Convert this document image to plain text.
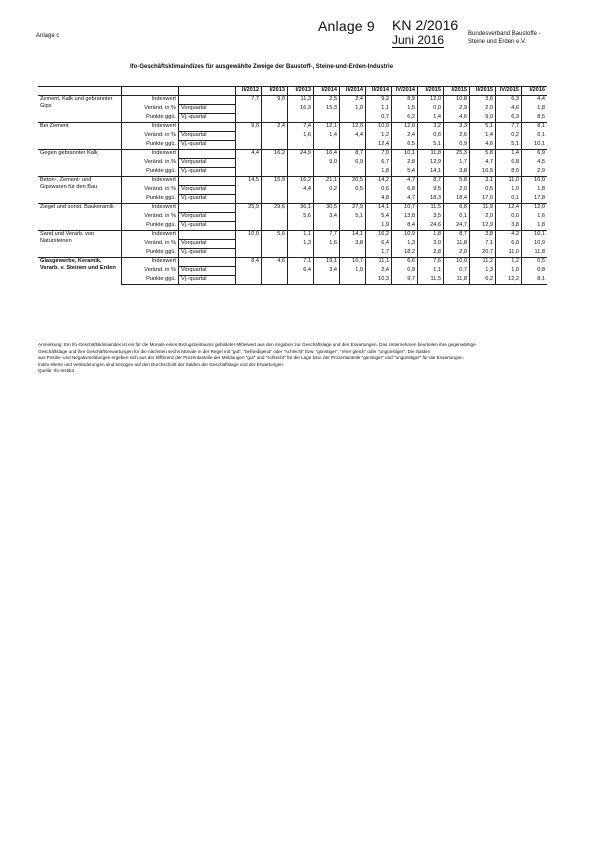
Anlage c
Anlage 9 KN 2/2016
Juni 2016	Bundesverband Baustoffe -
Steine und Erden e.V.
Ifo-Geschäftsklimaindizes für ausgewählte Zweige der Baustoff-, Steine-und-Erden-Industrie
			II/2012	I/2013	I/2013	I/2014	II/2014	II/2014	IV/2014	I/2015	I/2015	II/2015	IV/2015	I/2016
Zement, Kalk und gebrannter Gips	Indexwert		7,7	9,0	11,3	2,5	2,4	9,2	8,9	12,0	10,8	3,6	6,3	4,4
	Veränd. in %	Vorquartal			16,3	15,3	1,0	1,1	1,5	0,0	2,9	2,0	4,6	1,8
	Punkte ggü.	Vj.-quartal						0,7	6,2	1,4	4,6	9,0	6,3	8,5
Bei Zement	Indexwert		9,0	2,4	7,4	12,1	12,0	10,0	12,0	3,2	3,3	5,1	7,7	8,1
	Veränd. in %	Vorquartal			1,6	1,4	4,4	1,2	2,4	0,6	2,6	1,4	0,2	0,1
	Punkte ggü.	Vj.-quartal						12,4	6,5	5,1	0,9	4,6	5,1	10,1
Gegen gebrannter Kalk	Indexwert		4,4	16,2	24,9	16,4	8,7	7,0	10,1	11,8	25,3	5,8	1,4	6,9
	Veränd. in %	Vorquartal				9,0	6,9	6,7	2,8	12,9	1,7	4,7	6,8	4,5
	Punkte ggü.	Vj.-quartal						1,8	5,4	14,1	3,8	10,5	8,0	2,9
Beton-, Zement- und Gipswaren für den Bau	Indexwert		14,5	15,9	16,2	21,1	20,5	14,2	4,7	8,7	5,8	3,1	11,0	16,0
	Veränd. in %	Vorquartal			4,4	0,2	0,5	0,6	6,8	9,5	2,0	0,5	1,0	1,8
	Punkte ggü.	Vj.-quartal						4,8	4,7	18,3	18,4	17,0	0,1	17,8
Ziegel und sonst. Baukeramik	Indexwert		25,9	29,6	36,1	30,5	27,9	14,1	10,7	11,5	6,8	11,9	12,4	12,0
	Veränd. in %	Vorquartal			5,6	3,4	5,1	5,4	13,8	3,5	0,1	2,0	0,0	1,6
	Punkte ggü.	Vj.-quartal						1,9	8,4	24,6	24,7	12,9	3,8	1,8
Sand und Verarb. von Natursteinen	Indexwert		10,0	5,6	1,1	7,7	14,1	16,2	10,9	1,8	8,7	3,8	4,2	10,1
	Veränd. in %	Vorquartal			1,3	1,6	3,8	6,4	1,3	3,0	11,8	7,1	6,0	10,9
	Punkte ggü.	Vj.-quartal						1,7	18,2	2,8	2,0	20,7	11,0	11,8
Glasgewerbe, Keramik, Verarb. v. Steinen und Erden	Indexwert		8,4	4,6	7,1	19,1	16,7	11,1	6,6	7,6	10,0	11,2	1,2	0,5
	Veränd. in %	Vorquartal			6,4	3,4	1,0	2,4	0,9	1,1	0,7	1,3	1,0	0,8
	Punkte ggü.	Vj.-quartal						10,3	9,7	11,5	11,8	6,2	12,2	8,1
Anmerkung: Ein Ifo-Geschäftsklimaindex ist ein für die Monate eines Bezugszeitraums gebildeter Mittelwert aus den Angaben zur Geschäftslage und den Erwartungen. Das Unternehmen beurteilen ihre gegenwärtige
Geschäftslage und ihre Geschäftserwartungen für die nächsten sechs Monate in der Regel mit "gut", "befriedigend" oder "schlecht" bzw. "günstiger", "eher gleich" oder "ungünstiger". Die Salden
aus Positiv- und Negativmeldungen ergeben sich aus der Differenz der Prozentanteile der Meldungen "gut" und "schlecht" für die Lage bzw. der Prozentanteile "günstiger" und "ungünstiger" für die Erwartungen.
Index-Werte und Veränderungen sind bezogen auf den Durchschnitt der Salden der Geschäftslage und der Erwartungen.
Quelle: Ifo-Institut
